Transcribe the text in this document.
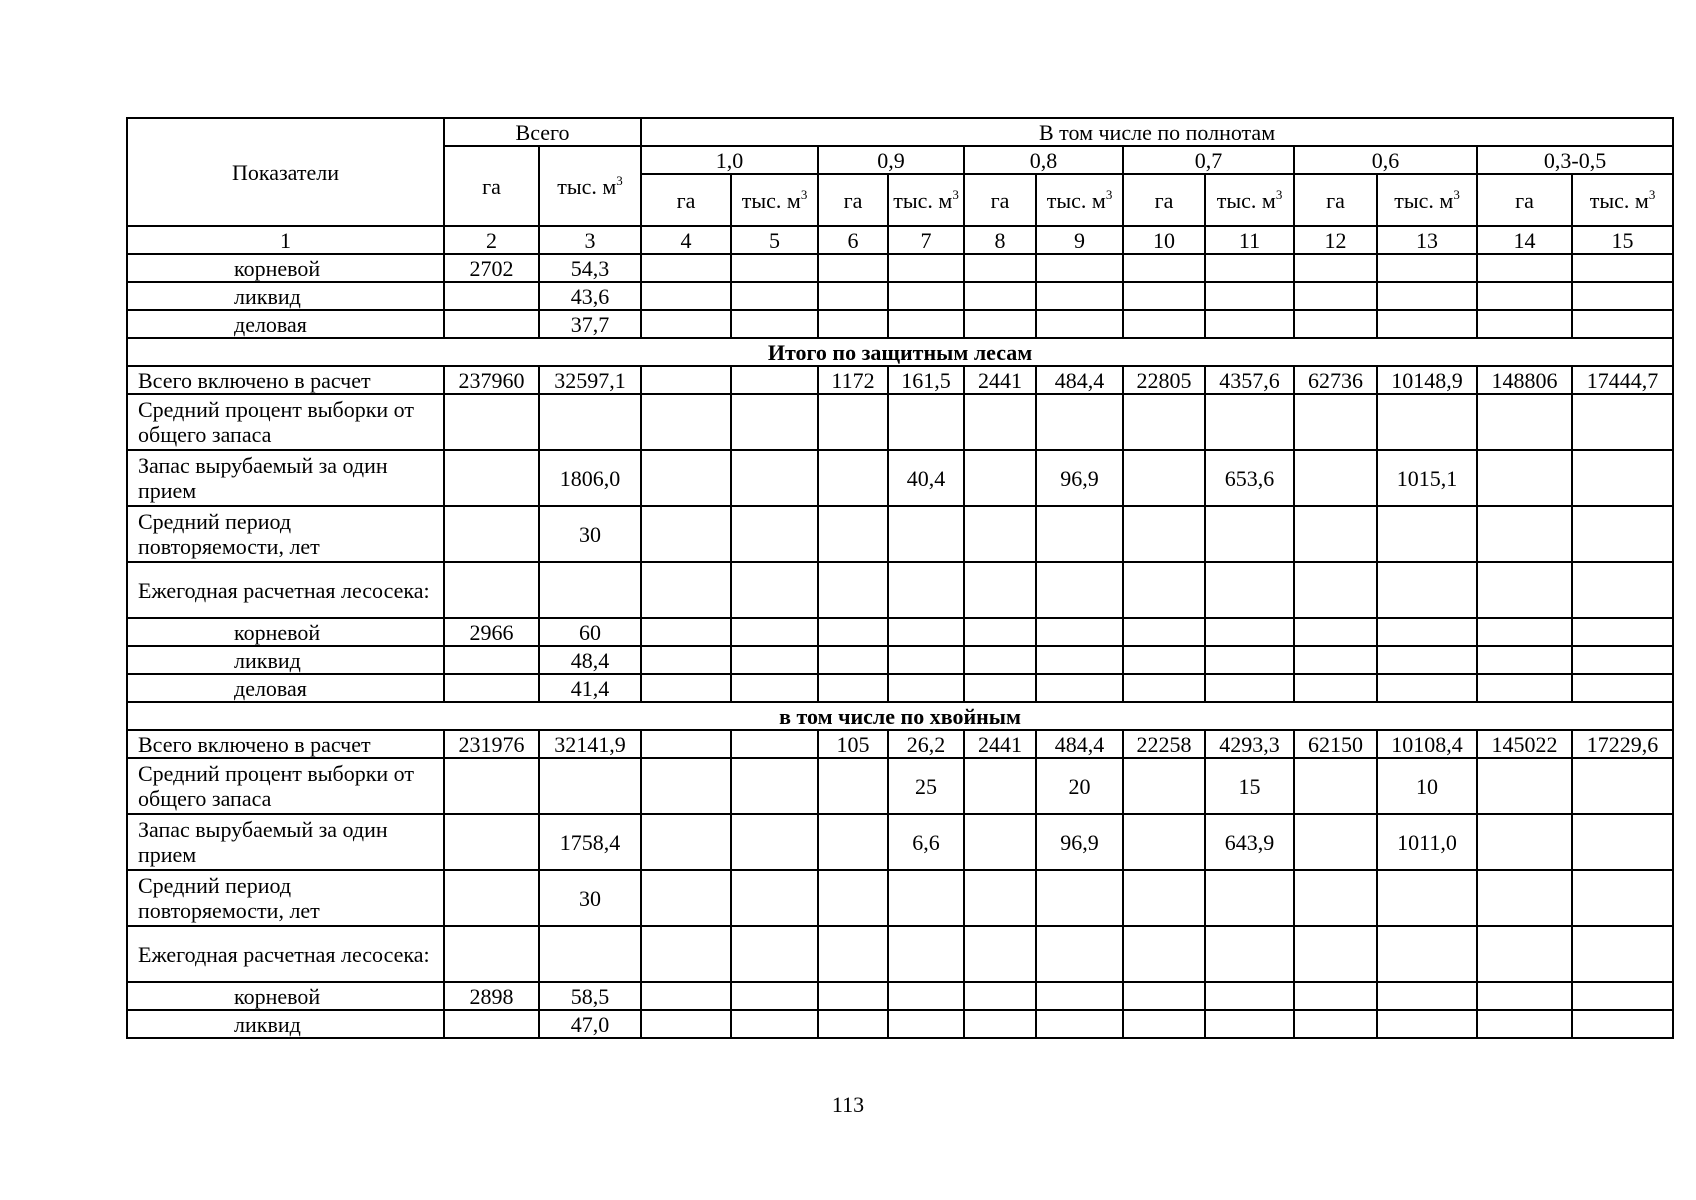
Показатели	Всего		В том числе по полнотам											
	га	тыс. $м^3$	1,0		0,9		0,8		0,7		0,6		0,3-0,5	
			га	тыс. $м^3$	га	тыс. $м^3$	га	тыс. $м^3$	га	тыс. $м^3$	га	тыс. $м^3$	га	тыс. $м^3$
1	2	3	4	5	6	7	8	9	10	11	12	13	14	15
корневой	2702	54,3												
ликвид		43,6												
деловая		37,7												
Итого по защитным лесам														
Всего включено в расчет	237960	32597,1			1172	161,5	2441	484,4	22805	4357,6	62736	10148,9	148806	17444,7
Средний процент выборки от общего запаса														
Запас вырубаемый за один прием		1806,0				40,4		96,9		653,6		1015,1		
Средний период повторяемости, лет		30												
Ежегодная расчетная лесосека:														
корневой	2966	60												
ликвид		48,4												
деловая		41,4												
в том числе по хвойным														
Всего включено в расчет	231976	32141,9			105	26,2	2441	484,4	22258	4293,3	62150	10108,4	145022	17229,6
Средний процент выборки от общего запаса						25		20		15		10		
Запас вырубаемый за один прием		1758,4				6,6		96,9		643,9		1011,0		
Средний период повторяемости, лет		30												
Ежегодная расчетная лесосека:														
корневой	2898	58,5												
ликвид		47,0												
113
